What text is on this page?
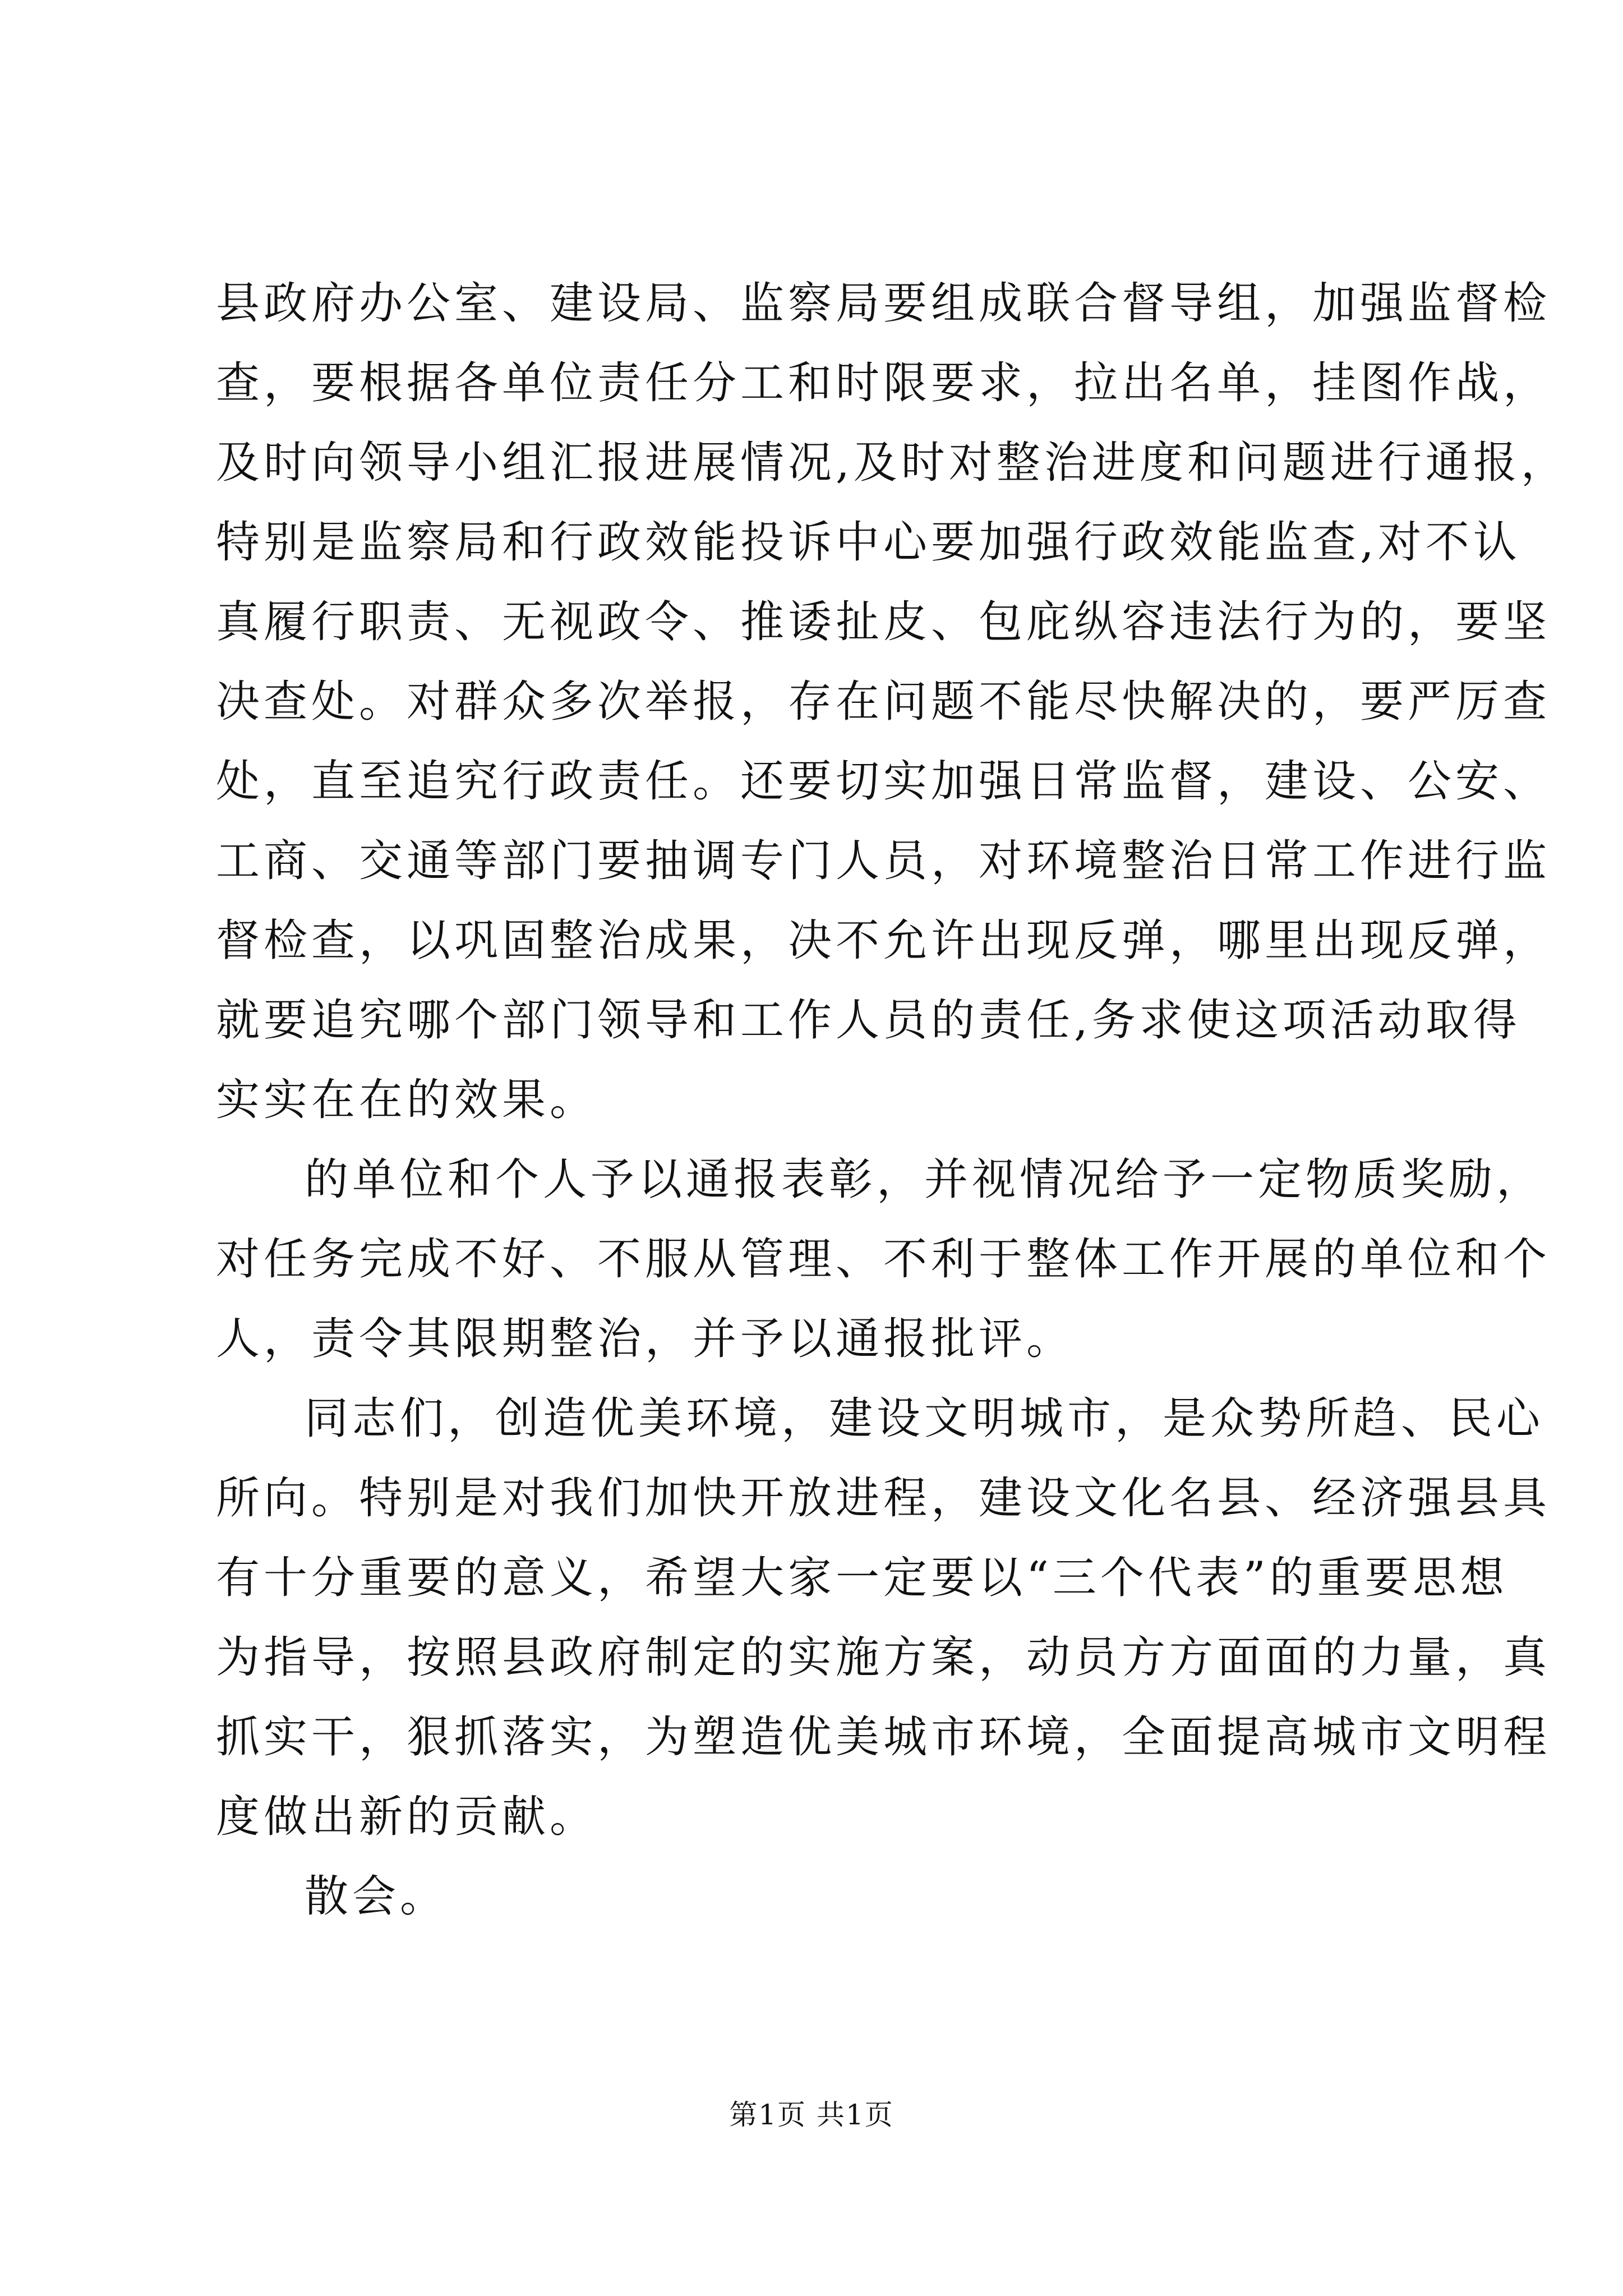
县政府办公室、建设局、监察局要组成联合督导组，加强监督检
查，要根据各单位责任分工和时限要求，拉出名单，挂图作战，
及时向领导小组汇报进展情况,及时对整治进度和问题进行通报，
特别是监察局和行政效能投诉中心要加强行政效能监查,对不认
真履行职责、无视政令、推诿扯皮、包庇纵容违法行为的，要坚
决查处。对群众多次举报，存在问题不能尽快解决的，要严厉查
处，直至追究行政责任。还要切实加强日常监督，建设、公安、
工商、交通等部门要抽调专门人员，对环境整治日常工作进行监
督检查，以巩固整治成果，决不允许出现反弹，哪里出现反弹，
就要追究哪个部门领导和工作人员的责任,务求使这项活动取得
实实在在的效果。
的单位和个人予以通报表彰，并视情况给予一定物质奖励，
对任务完成不好、不服从管理、不利于整体工作开展的单位和个
人，责令其限期整治，并予以通报批评。
同志们，创造优美环境，建设文明城市，是众势所趋、民心
所向。特别是对我们加快开放进程，建设文化名县、经济强县具
有十分重要的意义，希望大家一定要以“三个代表”的重要思想
为指导，按照县政府制定的实施方案，动员方方面面的力量，真
抓实干，狠抓落实，为塑造优美城市环境，全面提高城市文明程
度做出新的贡献。
散会。
第1页 共1页
